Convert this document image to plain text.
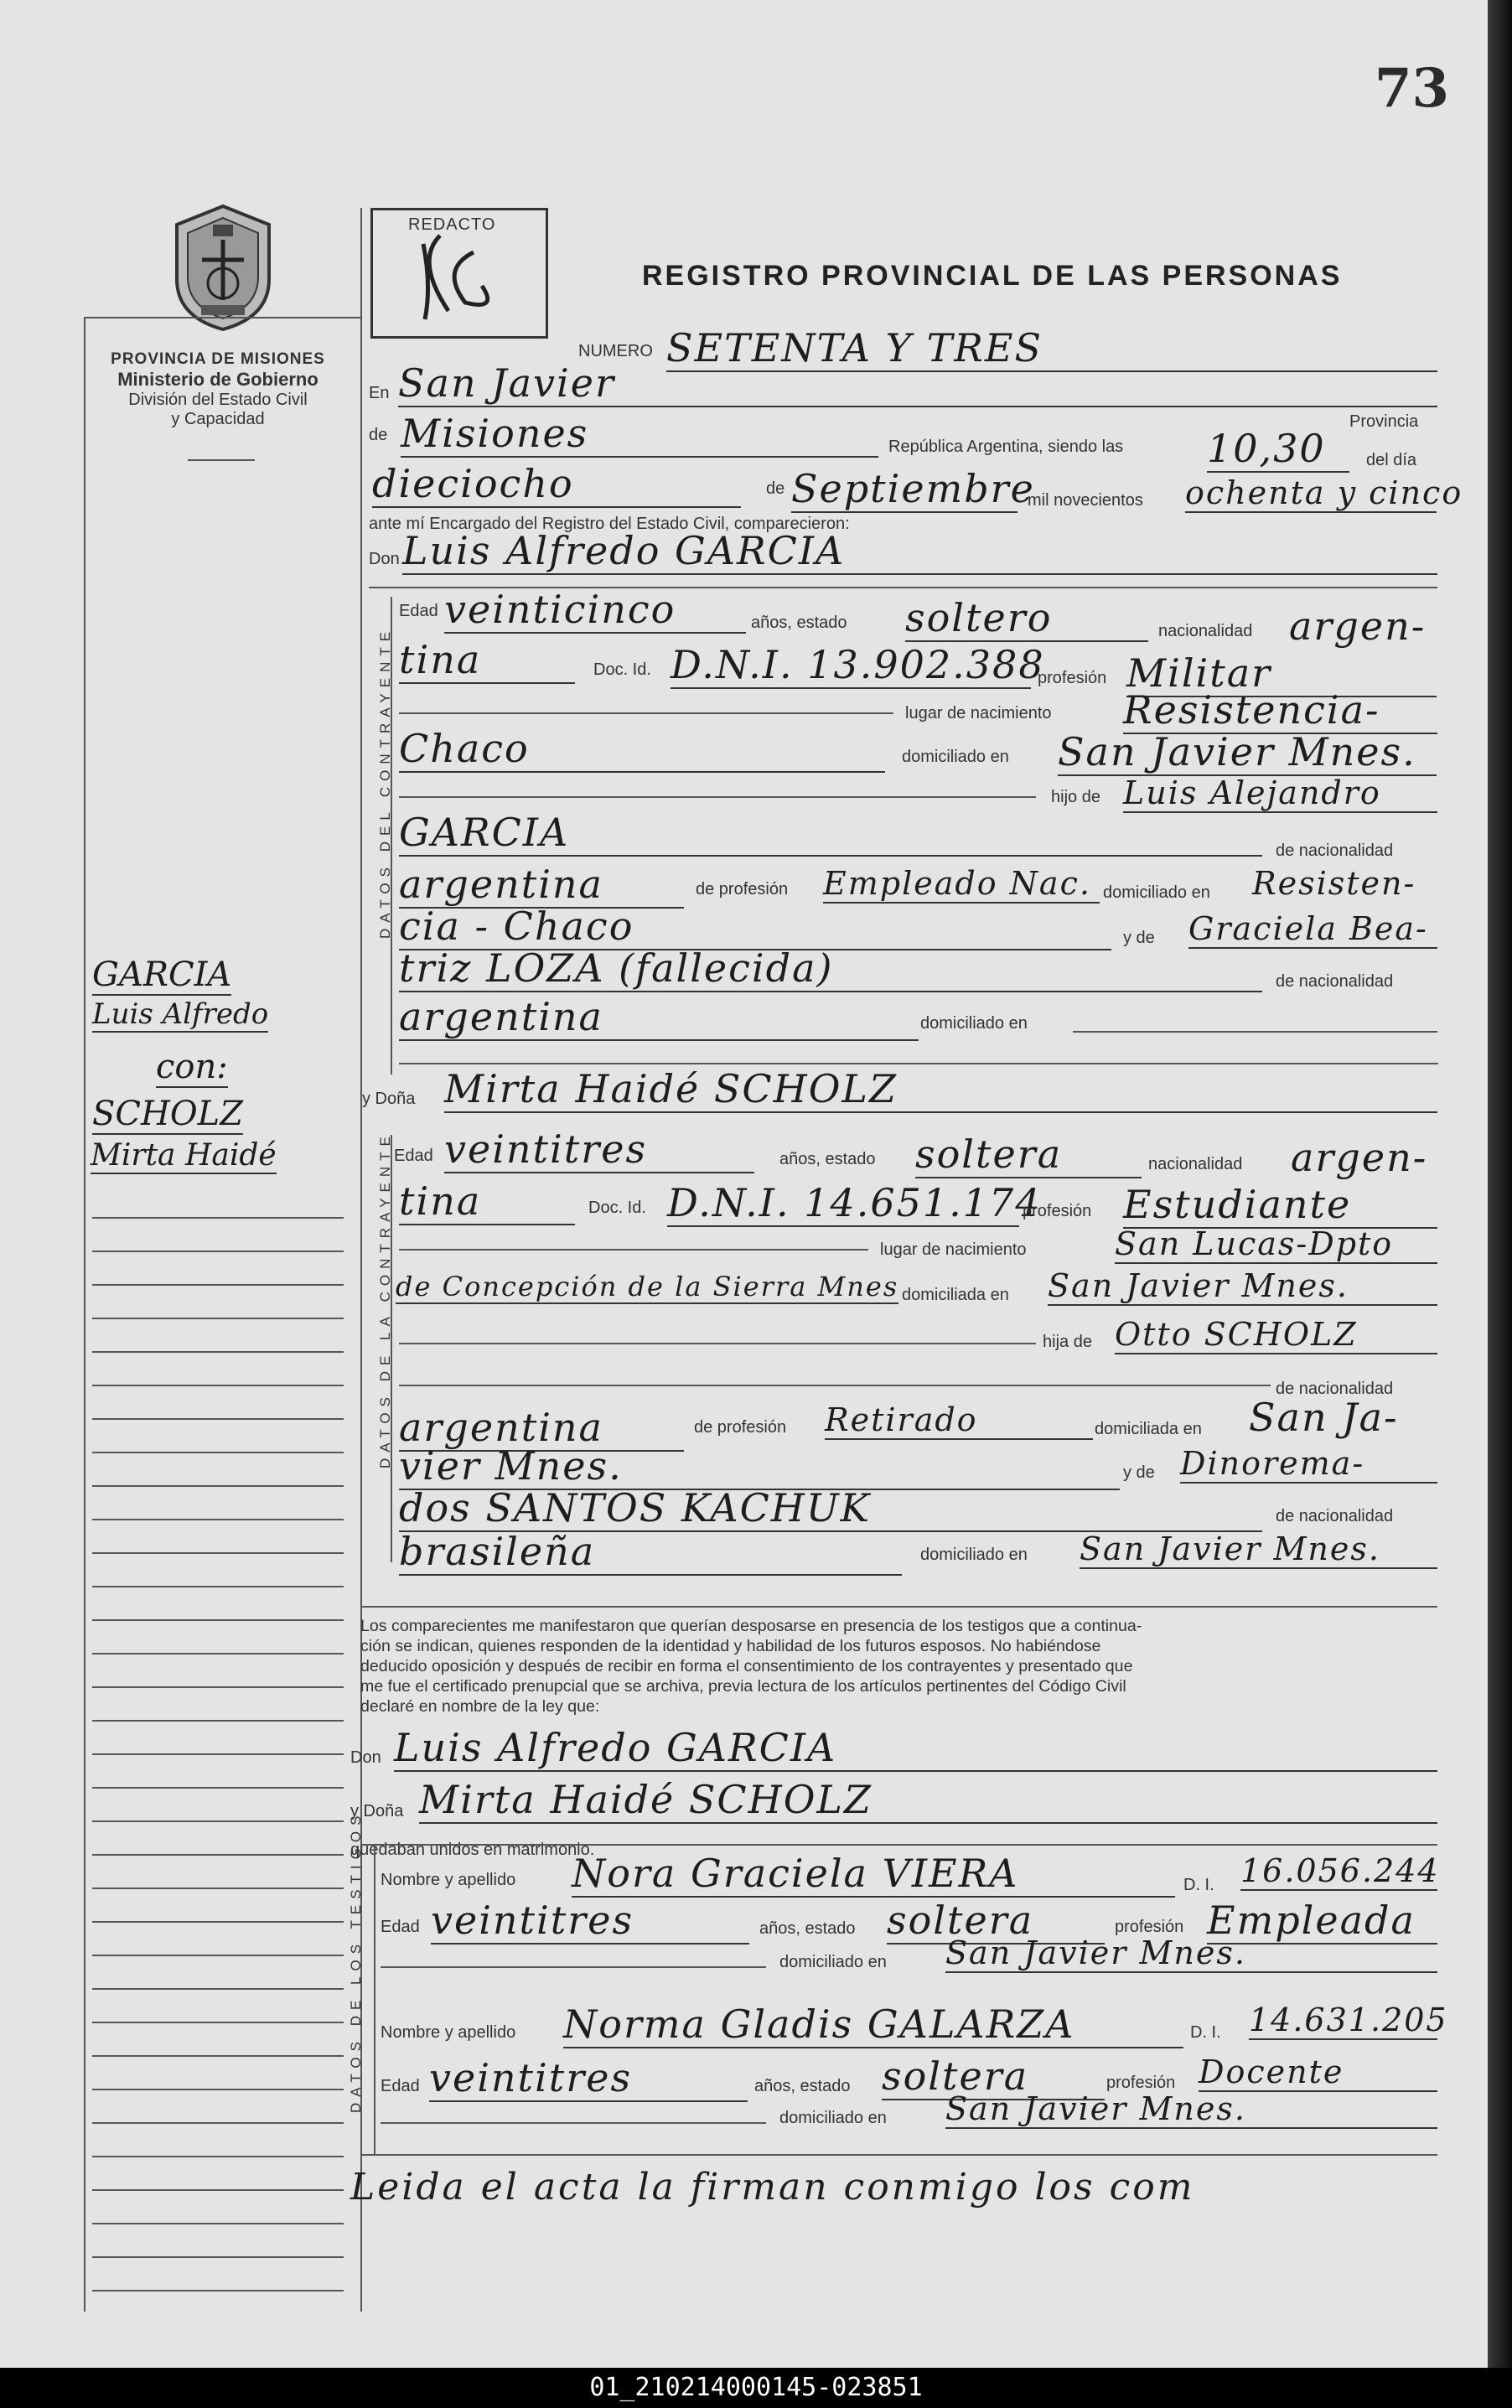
01_210214000145-023851
73
PROVINCIA DE MISIONES
Ministerio de Gobierno
División del Estado Civil
y Capacidad
REDACTO
REGISTRO PROVINCIAL DE LAS PERSONAS
NUMERO SETENTA Y TRES
En San Javier
Provincia
de Misiones	República Argentina, siendo las 10,30	del día
dieciocho	de Septiembre
mil novecientos ochenta y cinco
ante mí Encargado del Registro del Estado Civil, comparecieron:
Don Luis Alfredo GARCIA
DATOS DEL CONTRAYENTE
Edad veinticinco	años, estado soltero	nacionalidad argen-
tina	Doc. Id. D.N.I. 13.902.388
profesión Militar
lugar de nacimiento Resistencia-
Chaco	domiciliado en San Javier Mnes.
hijo de Luis Alejandro
GARCIA	de nacionalidad
argentina	de profesión Empleado Nac. domiciliado en Resisten-
cia - Chaco	y de Graciela Bea-
triz LOZA (fallecida)	de nacionalidad
argentina	domiciliado en
y Doña Mirta Haidé SCHOLZ
DATOS DE LA CONTRAYENTE Edad veintitres	años, estado soltera	nacionalidad argen-
tina	Doc. Id. D.N.I. 14.651.174
profesión Estudiante
lugar de nacimiento	San Lucas-Dpto
de Concepción de la Sierra Mnes domiciliada en San Javier Mnes.
hija de Otto SCHOLZ
de nacionalidad
argentina	de profesión Retirado	domiciliada en San Ja-
vier Mnes.	y de Dinorema-
dos SANTOS KACHUK	de nacionalidad
brasileña	domiciliado en San Javier Mnes.
Los comparecientes me manifestaron que querían desposarse en presencia de los testigos que a continua-
ción se indican, quienes responden de la identidad y habilidad de los futuros esposos. No habiéndose
deducido oposición y después de recibir en forma el consentimiento de los contrayentes y presentado que
me fue el certificado prenupcial que se archiva, previa lectura de los artículos pertinentes del Código Civil
declaré en nombre de la ley que:
Don Luis Alfredo GARCIA
y Doña Mirta Haidé SCHOLZ
quedaban unidos en matrimonio.
DATOS DE LOS TESTIGOS Nombre y apellido Nora Graciela VIERA	D. I. 16.056.244
Edad veintitres	años, estado soltera	profesión Empleada
domiciliado en San Javier Mnes.
Nombre y apellido Norma Gladis GALARZA	D. I. 14.631.205
Edad veintitres	años, estado soltera	profesión Docente
domiciliado en San Javier Mnes.
Leida el acta la firman conmigo los com
GARCIA
Luis Alfredo
con:
SCHOLZ
Mirta Haidé
